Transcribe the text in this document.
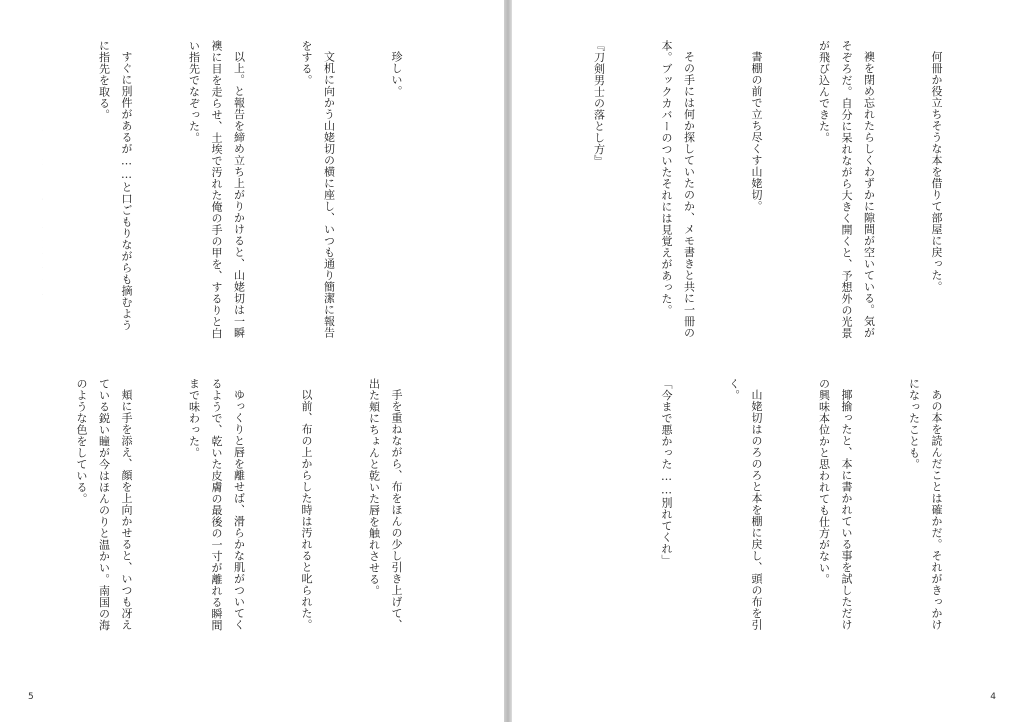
珍しい。

文机に向かう山姥切の横に座し、いつも通り簡潔に報告をする。

以上。と報告を締め立ち上がりかけると、山姥切は一瞬襖に目を走らせ、土埃で汚れた俺の手の甲を、するりと白い指先でなぞった。

すぐに別件があるが……と口ごもりながらも摘むように指先を取る。

手を重ねながら、布をほんの少し引き上げて、出た頬にちょんと乾いた唇を触れさせる。

以前、布の上からした時は汚れると叱られた。

ゆっくりと唇を離せば、滑らかな肌がついてくるようで、乾いた皮膚の最後の一寸が離れる瞬間まで味わった。

頬に手を添え、顔を上向かせると、いつも冴えている鋭い瞳が今はほんのりと温かい。南国の海のような色をしている。

5

何冊か役立ちそうな本を借りて部屋に戻った。

襖を閉め忘れたらしくわずかに隙間が空いている。気がそぞろだ。自分に呆れながら大きく開くと、予想外の光景が飛び込んできた。

書棚の前で立ち尽くす山姥切。

その手には何か探していたのか、メモ書きと共に一冊の本。ブックカバーのついたそれには見覚えがあった。

『刀剣男士の落とし方』

あの本を読んだことは確かだ。それがきっかけになったことも。

揶揄ったと、本に書かれている事を試しただけの興味本位かと思われても仕方がない。

山姥切はのろのろと本を棚に戻し、頭の布を引く。

「今まで悪かった……別れてくれ」

4
